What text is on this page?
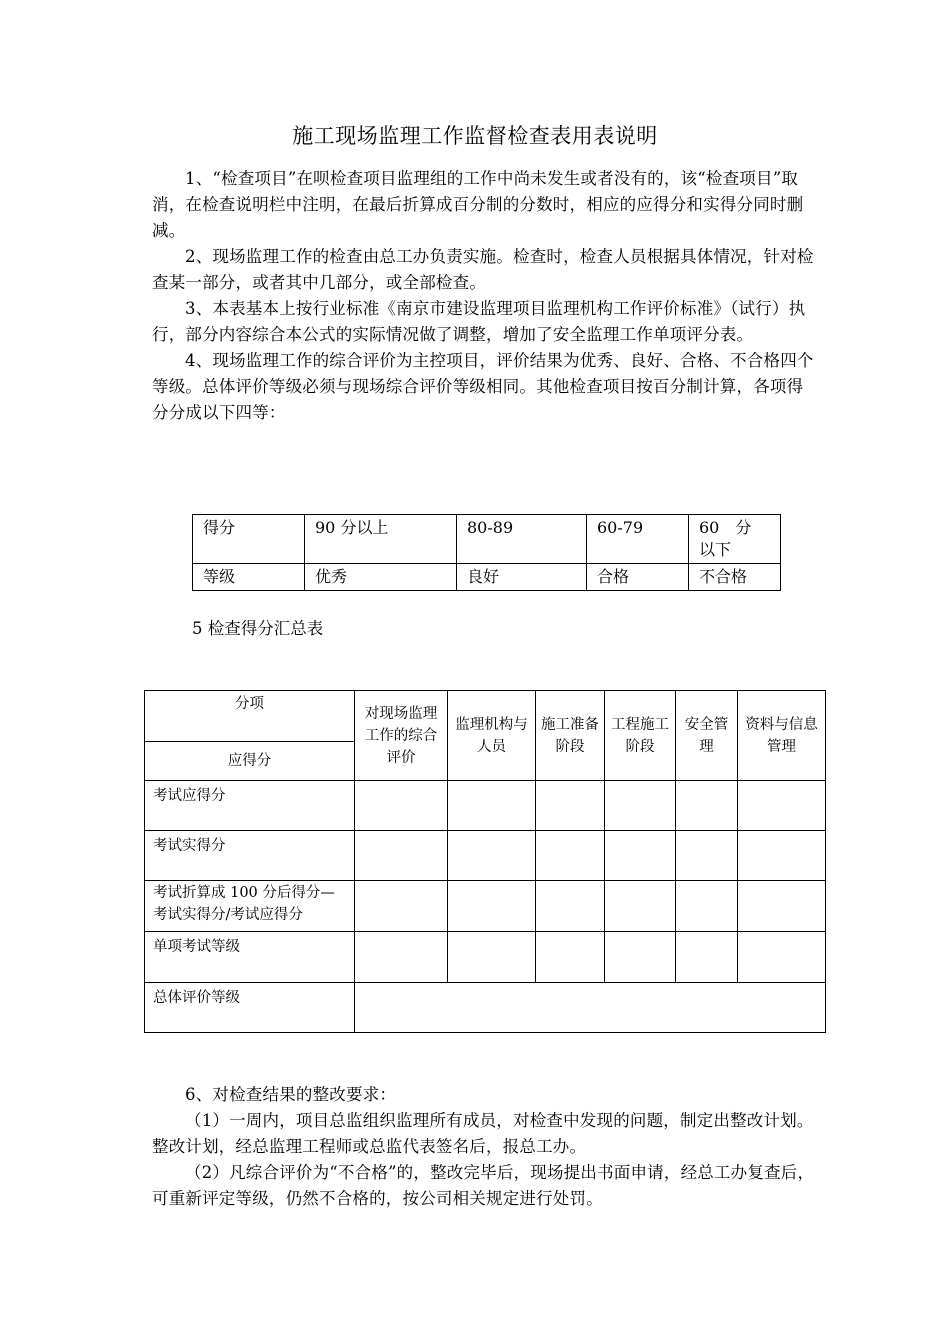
施工现场监理工作监督检查表用表说明

1、“检查项目”在呗检查项目监理组的工作中尚未发生或者没有的，该“检查项目”取消，在检查说明栏中注明，在最后折算成百分制的分数时，相应的应得分和实得分同时删减。

2、现场监理工作的检查由总工办负责实施。检查时，检查人员根据具体情况，针对检查某一部分，或者其中几部分，或全部检查。

3、本表基本上按行业标准《南京市建设监理项目监理机构工作评价标准》（试行）执行，部分内容综合本公式的实际情况做了调整，增加了安全监理工作单项评分表。

4、现场监理工作的综合评价为主控项目，评价结果为优秀、良好、合格、不合格四个等级。总体评价等级必须与现场综合评价等级相同。其他检查项目按百分制计算，各项得分分成以下四等：

得分	90 分以上	80-89	60-79	60　分 以下
等级	优秀	良好	合格	不合格
5 检查得分汇总表
分项	对现场监理工作的综合评价	监理机构与人员	施工准备阶段	工程施工阶段	安全管理	资料与信息管理
应得分						
考试应得分						
考试实得分						
考试折算成 100 分后得分—考试实得分/考试应得分						
单项考试等级						
总体评价等级						

6、对检查结果的整改要求：

（1）一周内，项目总监组织监理所有成员，对检查中发现的问题，制定出整改计划。整改计划，经总监理工程师或总监代表签名后，报总工办。

（2）凡综合评价为“不合格”的，整改完毕后，现场提出书面申请，经总工办复查后，可重新评定等级，仍然不合格的，按公司相关规定进行处罚。
